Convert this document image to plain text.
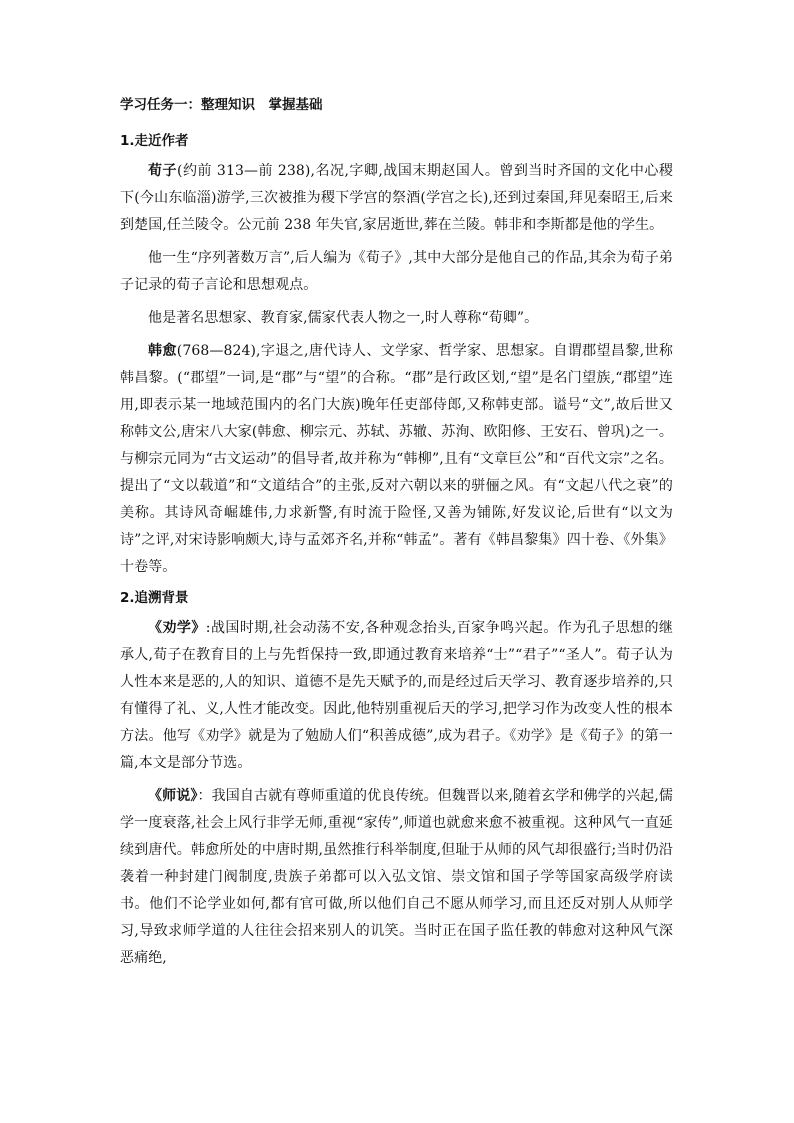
学习任务一：整理知识　掌握基础

1.走近作者

荀子(约前 313—前 238),名况,字卿,战国末期赵国人。曾到当时齐国的文化中心稷下(今山东临淄)游学,三次被推为稷下学宫的祭酒(学宫之长),还到过秦国,拜见秦昭王,后来到楚国,任兰陵令。公元前 238 年失官,家居逝世,葬在兰陵。韩非和李斯都是他的学生。

他一生“序列著数万言”,后人编为《荀子》,其中大部分是他自己的作品,其余为荀子弟子记录的荀子言论和思想观点。

他是著名思想家、教育家,儒家代表人物之一,时人尊称“荀卿”。

韩愈(768—824),字退之,唐代诗人、文学家、哲学家、思想家。自谓郡望昌黎,世称韩昌黎。(“郡望”一词,是“郡”与“望”的合称。“郡”是行政区划,“望”是名门望族,“郡望”连用,即表示某一地域范围内的名门大族)晚年任吏部侍郎,又称韩吏部。谥号“文”,故后世又称韩文公,唐宋八大家(韩愈、柳宗元、苏轼、苏辙、苏洵、欧阳修、王安石、曾巩)之一。与柳宗元同为“古文运动”的倡导者,故并称为“韩柳”,且有“文章巨公”和“百代文宗”之名。提出了“文以载道”和“文道结合”的主张,反对六朝以来的骈俪之风。有“文起八代之衰”的美称。其诗风奇崛雄伟,力求新警,有时流于险怪,又善为铺陈,好发议论,后世有“以文为诗”之评,对宋诗影响颇大,诗与孟郊齐名,并称“韩孟”。著有《韩昌黎集》四十卷、《外集》十卷等。

2.追溯背景

《劝学》:战国时期,社会动荡不安,各种观念抬头,百家争鸣兴起。作为孔子思想的继承人,荀子在教育目的上与先哲保持一致,即通过教育来培养“士”“君子”“圣人”。荀子认为人性本来是恶的,人的知识、道德不是先天赋予的,而是经过后天学习、教育逐步培养的,只有懂得了礼、义,人性才能改变。因此,他特别重视后天的学习,把学习作为改变人性的根本方法。他写《劝学》就是为了勉励人们“积善成德”,成为君子。《劝学》是《荀子》的第一篇,本文是部分节选。

《师说》：我国自古就有尊师重道的优良传统。但魏晋以来,随着玄学和佛学的兴起,儒学一度衰落,社会上风行非学无师,重视“家传”,师道也就愈来愈不被重视。这种风气一直延续到唐代。韩愈所处的中唐时期,虽然推行科举制度,但耻于从师的风气却很盛行;当时仍沿袭着一种封建门阀制度,贵族子弟都可以入弘文馆、崇文馆和国子学等国家高级学府读书。他们不论学业如何,都有官可做,所以他们自己不愿从师学习,而且还反对别人从师学习,导致求师学道的人往往会招来别人的讥笑。当时正在国子监任教的韩愈对这种风气深恶痛绝,
